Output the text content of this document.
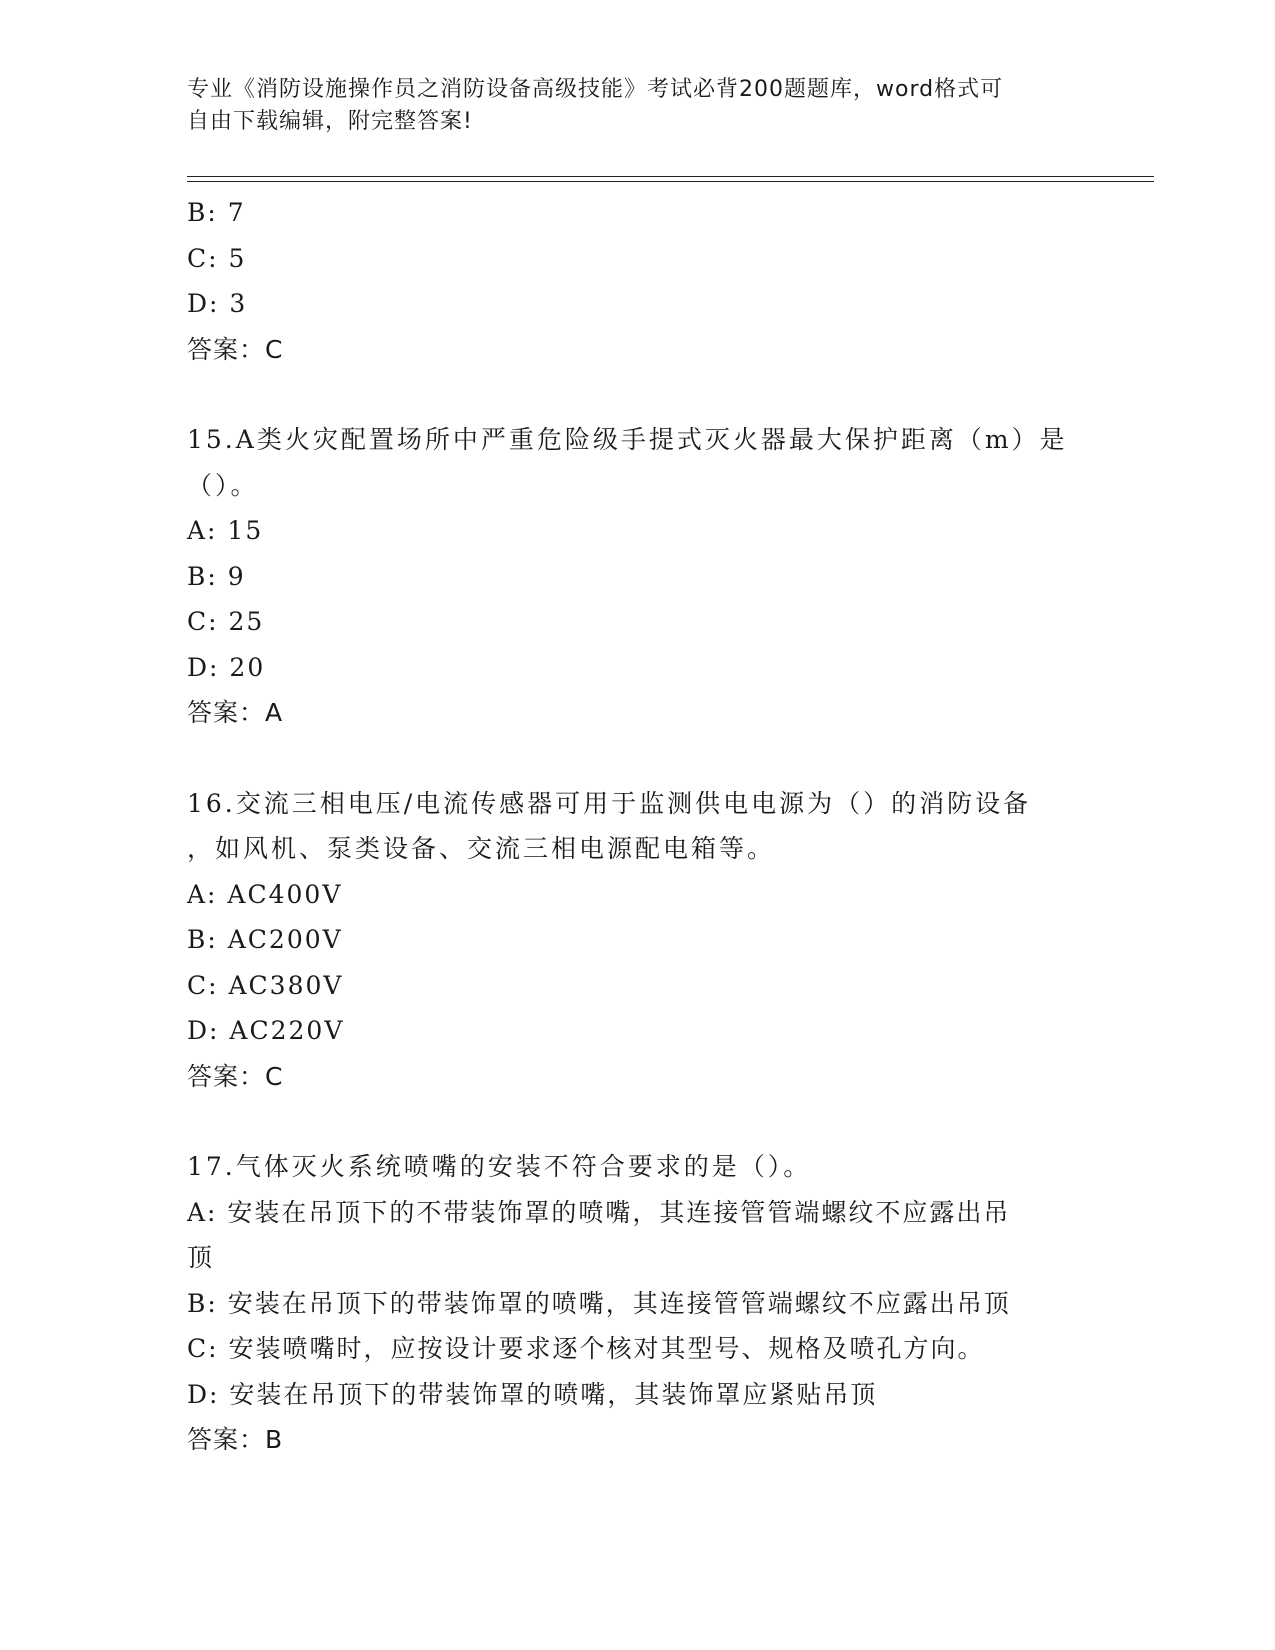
专业《消防设施操作员之消防设备高级技能》考试必背200题题库，word格式可
自由下载编辑，附完整答案!
B: 7
C: 5
D: 3
答案：C
15.A类火灾配置场所中严重危险级手提式灭火器最大保护距离（m）是
（）。
A: 15
B: 9
C: 25
D: 20
答案：A
16.交流三相电压/电流传感器可用于监测供电电源为（）的消防设备
，如风机、泵类设备、交流三相电源配电箱等。
A: AC400V
B: AC200V
C: AC380V
D: AC220V
答案：C
17.气体灭火系统喷嘴的安装不符合要求的是（）。
A: 安装在吊顶下的不带装饰罩的喷嘴，其连接管管端螺纹不应露出吊
顶
B: 安装在吊顶下的带装饰罩的喷嘴，其连接管管端螺纹不应露出吊顶
C: 安装喷嘴时，应按设计要求逐个核对其型号、规格及喷孔方向。
D: 安装在吊顶下的带装饰罩的喷嘴，其装饰罩应紧贴吊顶
答案：B
